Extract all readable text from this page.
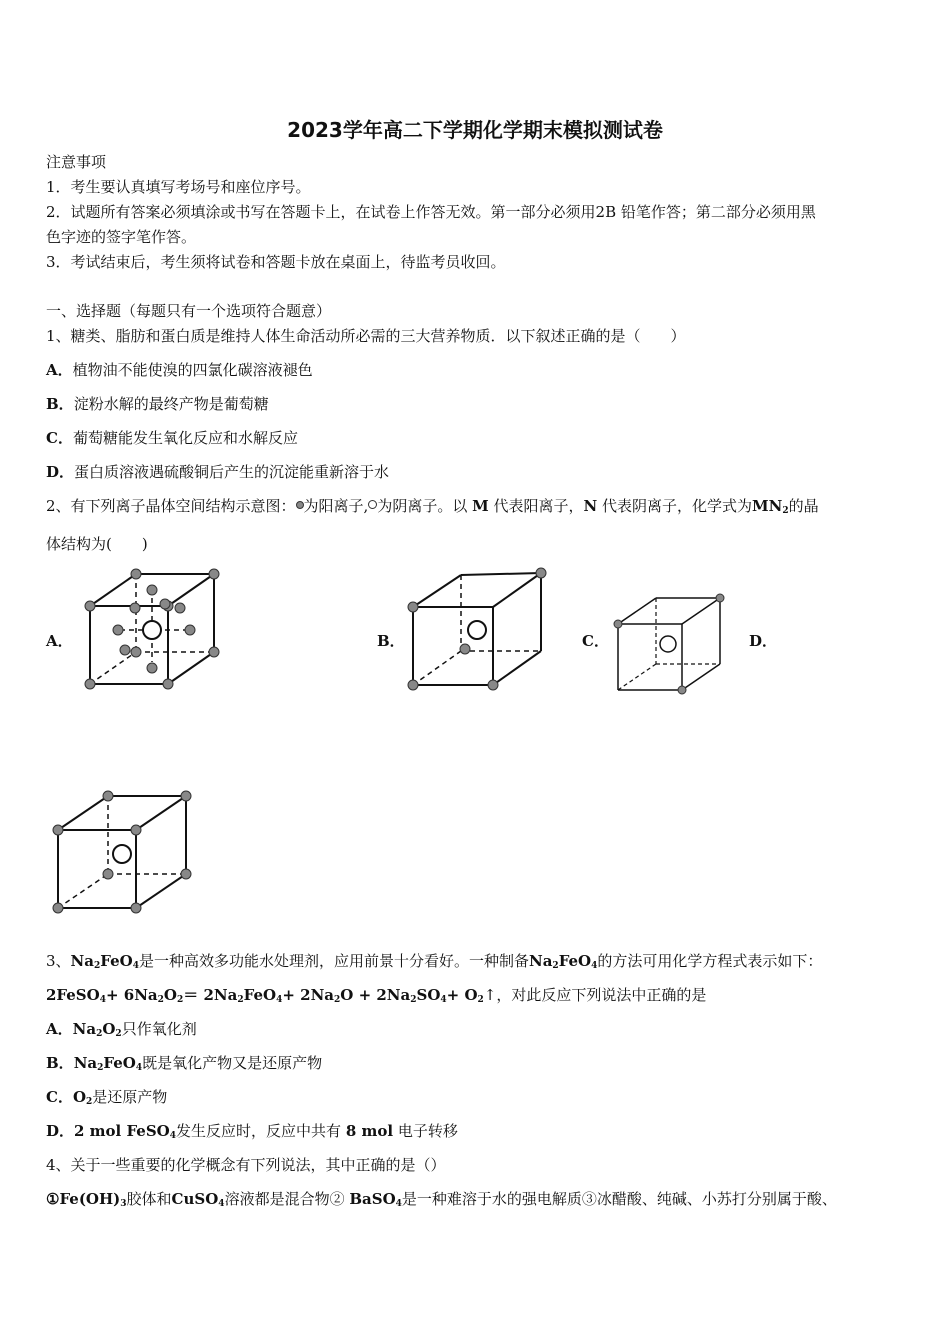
2023学年高二下学期化学期末模拟测试卷
注意事项
1．考生要认真填写考场号和座位序号。
2．试题所有答案必须填涂或书写在答题卡上，在试卷上作答无效。第一部分必须用2B 铅笔作答；第二部分必须用黑
色字迹的签字笔作答。
3．考试结束后，考生须将试卷和答题卡放在桌面上，待监考员收回。
一、选择题（每题只有一个选项符合题意）
1、糖类、脂肪和蛋白质是维持人体生命活动所必需的三大营养物质．以下叙述正确的是（　　）
A．植物油不能使溴的四氯化碳溶液褪色
B．淀粉水解的最终产物是葡萄糖
C．葡萄糖能发生氧化反应和水解反应
D．蛋白质溶液遇硫酸铜后产生的沉淀能重新溶于水
2、有下列离子晶体空间结构示意图： 为阳离子, 为阴离子。以 M 代表阳离子，N 代表阴离子，化学式为$MN_2$的晶
体结构为(　　)
A．	B．	C．	D．
3、$Na_2FeO_4$是一种高效多功能水处理剂，应用前景十分看好。一种制备$Na_2FeO_4$的方法可用化学方程式表示如下：
2FeSO$_4$+ $6Na_2O_2= 2Na_2FeO_4+ 2Na_2O + 2Na_2SO_4+$ $O_2↑$，对此反应下列说法中正确的是
A．$Na_2O_2$只作氧化剂
B．$Na_2FeO_4$既是氧化产物又是还原产物
C．$O_2$是还原产物
D．2 mol FeSO$_4$发生反应时，反应中共有 8 mol 电子转移
4、关于一些重要的化学概念有下列说法，其中正确的是（）
$①Fe(OH)_3$胶体和CuSO$_4$溶液都是混合物② BaSO$_4$是一种难溶于水的强电解质③冰醋酸、纯碱、小苏打分别属于酸、
